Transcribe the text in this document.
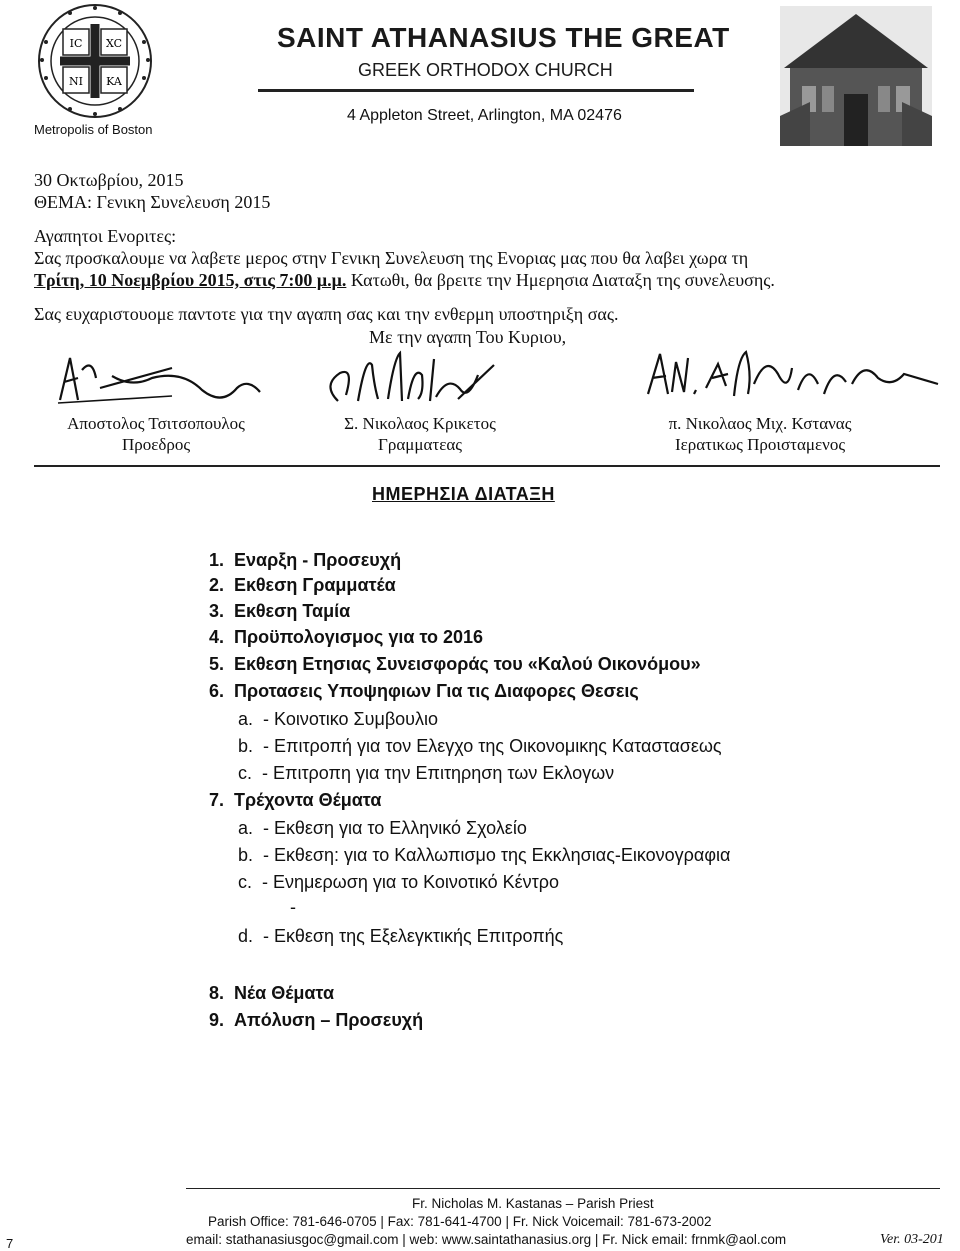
IC XC
NI KA
Metropolis of Boston
SAINT ATHANASIUS THE GREAT
GREEK ORTHODOX CHURCH
4 Appleton Street, Arlington, MA 02476
30 Οκτωβρίου, 2015
ΘΕΜΑ: Γενικη Συνελευση 2015
Αγαπητοι Ενοριτες:
Σας προσκαλουμε να λαβετε μερος στην Γενικη Συνελευση της Ενοριας μας που θα λαβει χωρα τη
Τρίτη, 10 Νοεμβρίου 2015, στις 7:00 μ.μ. Κατωθι, θα βρειτε την Ημερησια Διαταξη της συνελευσης.
Σας ευχαριστουομε παντοτε για την αγαπη σας και την ενθερμη υποστηριξη σας.
Με την αγαπη Του Κυριου,
Αποστολος Τσιτσοπουλος
Προεδρος
Σ. Νικολαος Κρικετος
Γραμματεας
π. Νικολαος Μιχ. Κστανας
Ιερατικως Προισταμενος
ΗΜΕΡΗΣΙΑ ΔΙΑΤΑΞΗ
1. Εναρξη - Προσευχή
2. Εκθεση Γραμματέα
3. Εκθεση Ταμία
4. Προϋπολογισμος για το 2016
5. Εκθεση Ετησιας Συνεισφοράς του «Καλού Οικονόμου»
6. Προτασεις Υποψηφιων Για τις Διαφορες Θεσεις
a. - Κοινοτικο Συμβουλιο
b. - Επιτροπή για τον Ελεγχο της Οικονομικης Καταστασεως
c. - Επιτροπη για την Επιτηρηση των Εκλογων
7. Τρέχοντα Θέματα
a. - Εκθεση για το Ελληνικό Σχολείο
b. - Εκθεση: για το Καλλωπισμο της Εκκλησιας-Εικονογραφια
c. - Ενημερωση για το Κοινοτικό Κέντρο
-
d. - Εκθεση της Εξελεγκτικής Επιτροπής
8. Νέα Θέματα
9. Απόλυση – Προσευχή
Fr. Nicholas M. Kastanas – Parish Priest
Parish Office: 781-646-0705 | Fax: 781-641-4700 | Fr. Nick Voicemail: 781-673-2002
email: stathanasiusgoc@gmail.com | web: www.saintathanasius.org | Fr. Nick email: frnmk@aol.com
7	Ver. 03-201
